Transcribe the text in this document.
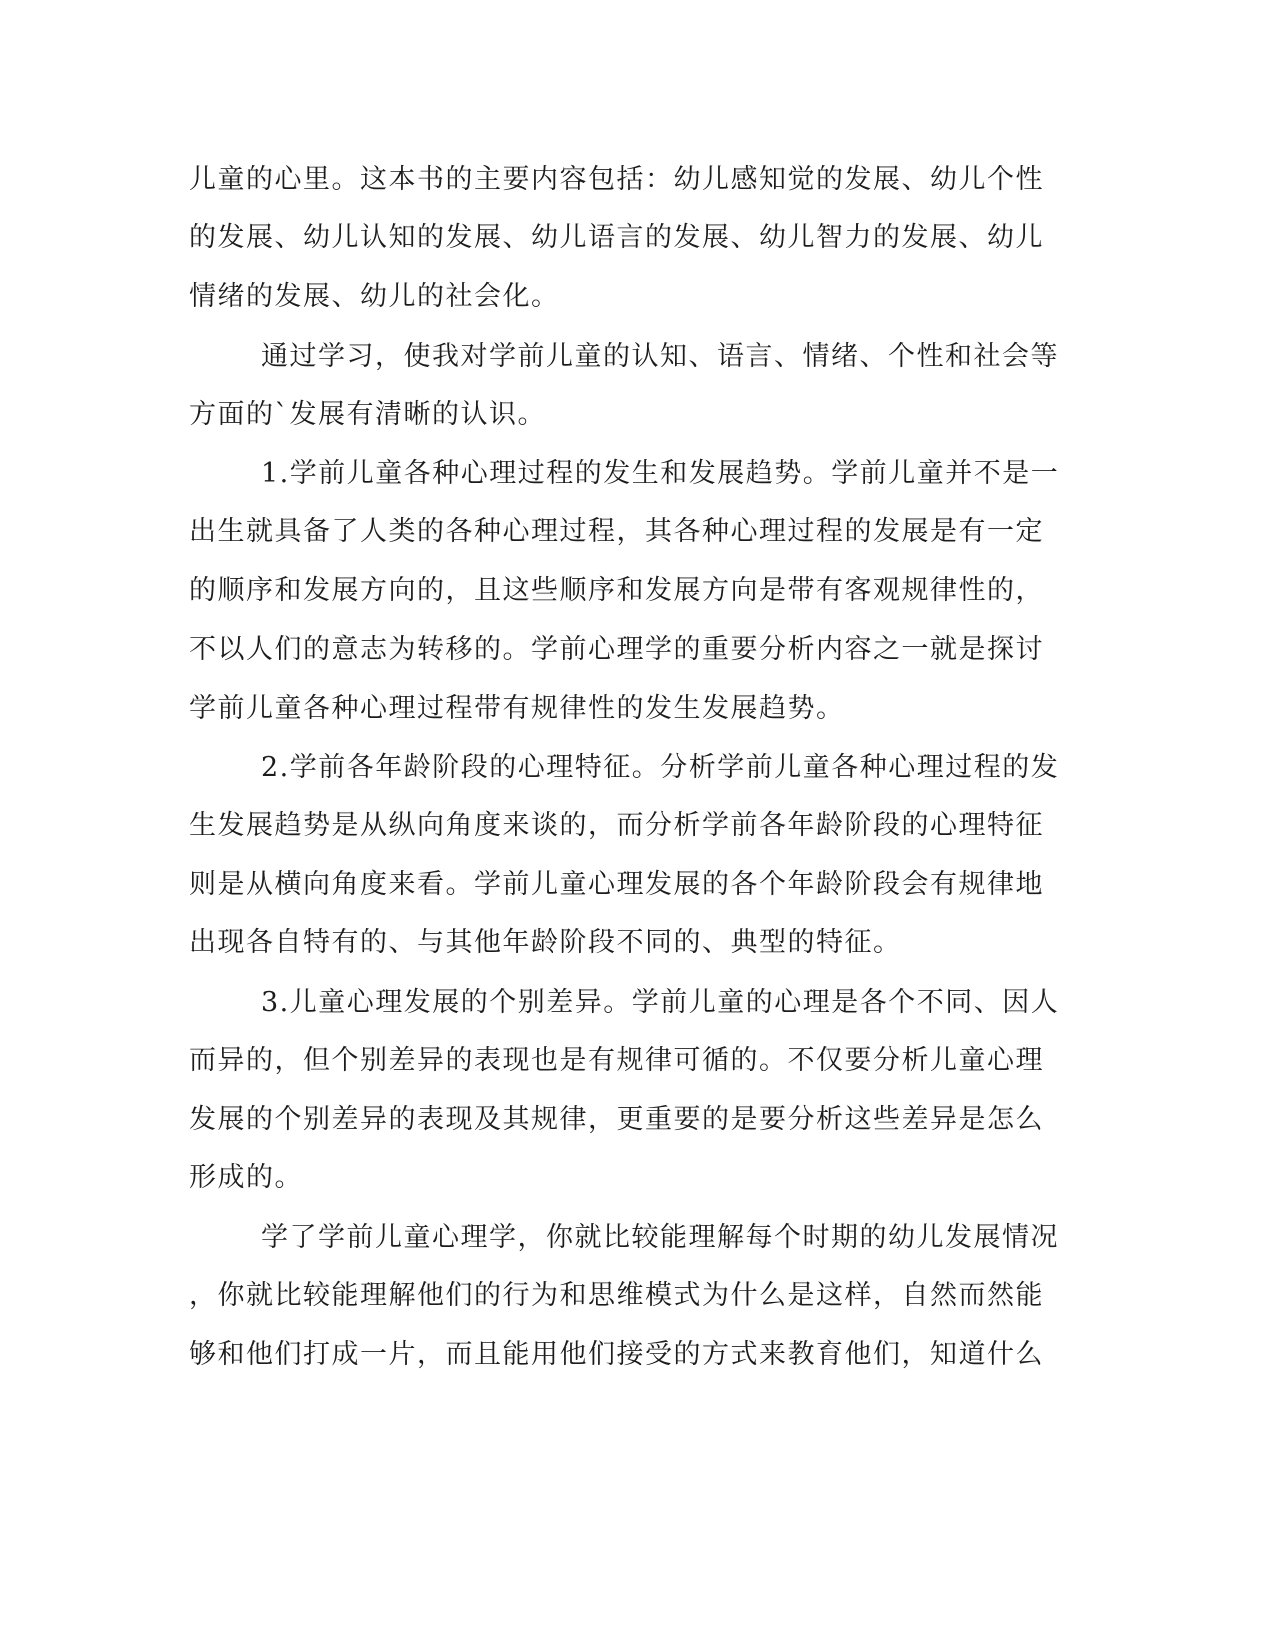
儿童的心里。这本书的主要内容包括：幼儿感知觉的发展、幼儿个性
的发展、幼儿认知的发展、幼儿语言的发展、幼儿智力的发展、幼儿
情绪的发展、幼儿的社会化。
通过学习，使我对学前儿童的认知、语言、情绪、个性和社会等
方面的`发展有清晰的认识。
1.学前儿童各种心理过程的发生和发展趋势。学前儿童并不是一
出生就具备了人类的各种心理过程，其各种心理过程的发展是有一定
的顺序和发展方向的，且这些顺序和发展方向是带有客观规律性的，
不以人们的意志为转移的。学前心理学的重要分析内容之一就是探讨
学前儿童各种心理过程带有规律性的发生发展趋势。
2.学前各年龄阶段的心理特征。分析学前儿童各种心理过程的发
生发展趋势是从纵向角度来谈的，而分析学前各年龄阶段的心理特征
则是从横向角度来看。学前儿童心理发展的各个年龄阶段会有规律地
出现各自特有的、与其他年龄阶段不同的、典型的特征。
3.儿童心理发展的个别差异。学前儿童的心理是各个不同、因人
而异的，但个别差异的表现也是有规律可循的。不仅要分析儿童心理
发展的个别差异的表现及其规律，更重要的是要分析这些差异是怎么
形成的。
学了学前儿童心理学，你就比较能理解每个时期的幼儿发展情况
，你就比较能理解他们的行为和思维模式为什么是这样，自然而然能
够和他们打成一片，而且能用他们接受的方式来教育他们，知道什么
